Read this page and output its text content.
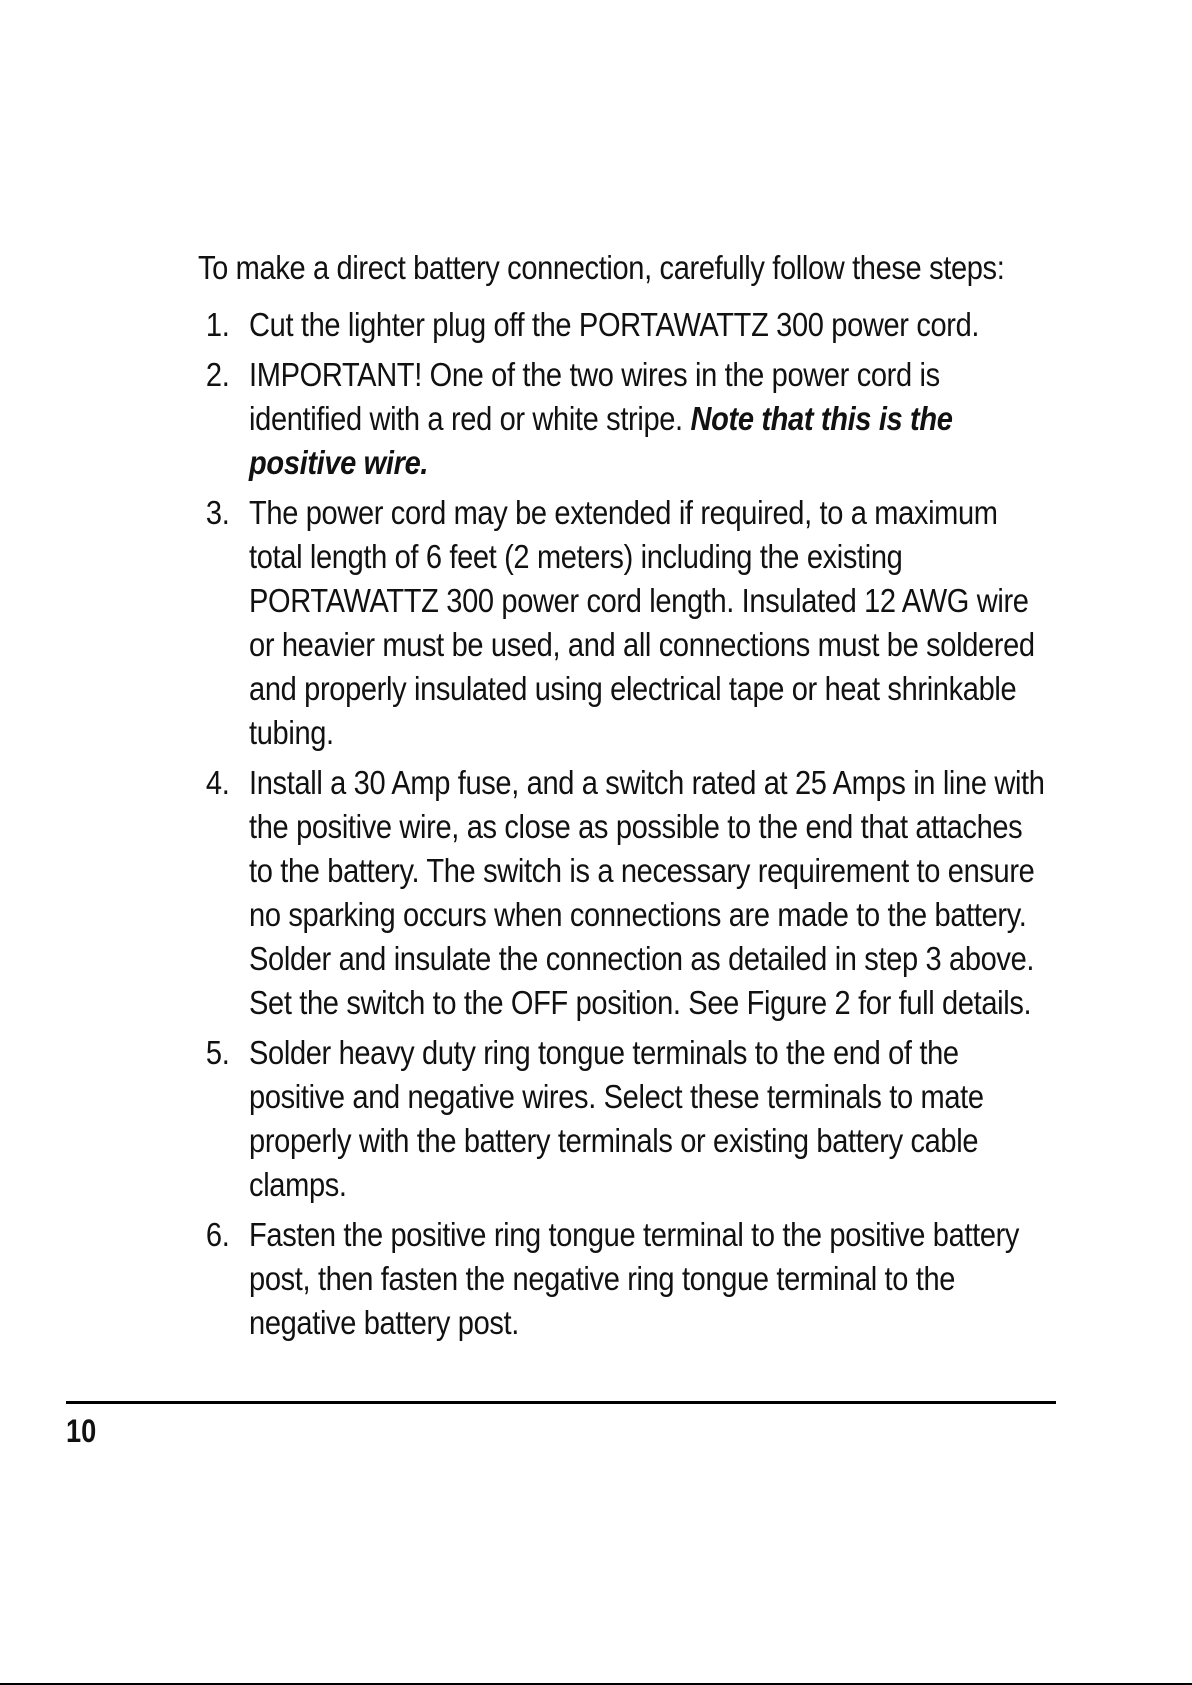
To make a direct battery connection, carefully follow these steps:

1. Cut the lighter plug off the PORTAWATTZ 300 power cord.
2. IMPORTANT! One of the two wires in the power cord is identified with a red or white stripe. Note that this is the positive wire.
3. The power cord may be extended if required, to a maximum total length of 6 feet (2 meters) including the existing PORTAWATTZ 300 power cord length. Insulated 12 AWG wire or heavier must be used, and all connections must be soldered and properly insulated using electrical tape or heat shrinkable tubing.
4. Install a 30 Amp fuse, and a switch rated at 25 Amps in line with the positive wire, as close as possible to the end that attaches to the battery. The switch is a necessary requirement to ensure no sparking occurs when connections are made to the battery. Solder and insulate the connection as detailed in step 3 above. Set the switch to the OFF position. See Figure 2 for full details.
5. Solder heavy duty ring tongue terminals to the end of the positive and negative wires. Select these terminals to mate properly with the battery terminals or existing battery cable clamps.
6. Fasten the positive ring tongue terminal to the positive battery post, then fasten the negative ring tongue terminal to the negative battery post.
10
